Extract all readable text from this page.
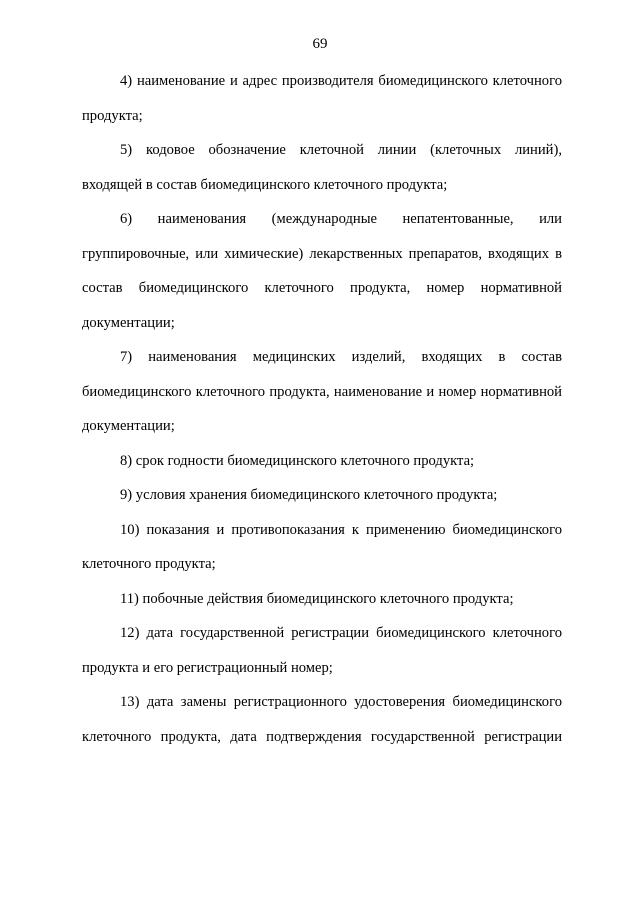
69

4) наименование и адрес производителя биомедицинского клеточного продукта;

5) кодовое обозначение клеточной линии (клеточных линий), входящей в состав биомедицинского клеточного продукта;

6) наименования (международные непатентованные, или группировочные, или химические) лекарственных препаратов, входящих в состав биомедицинского клеточного продукта, номер нормативной документации;

7) наименования медицинских изделий, входящих в состав биомедицинского клеточного продукта, наименование и номер нормативной документации;

8) срок годности биомедицинского клеточного продукта;

9) условия хранения биомедицинского клеточного продукта;

10) показания и противопоказания к применению биомедицинского клеточного продукта;

11) побочные действия биомедицинского клеточного продукта;

12) дата государственной регистрации биомедицинского клеточного продукта и его регистрационный номер;

13) дата замены регистрационного удостоверения биомедицинского клеточного продукта, дата подтверждения государственной регистрации
